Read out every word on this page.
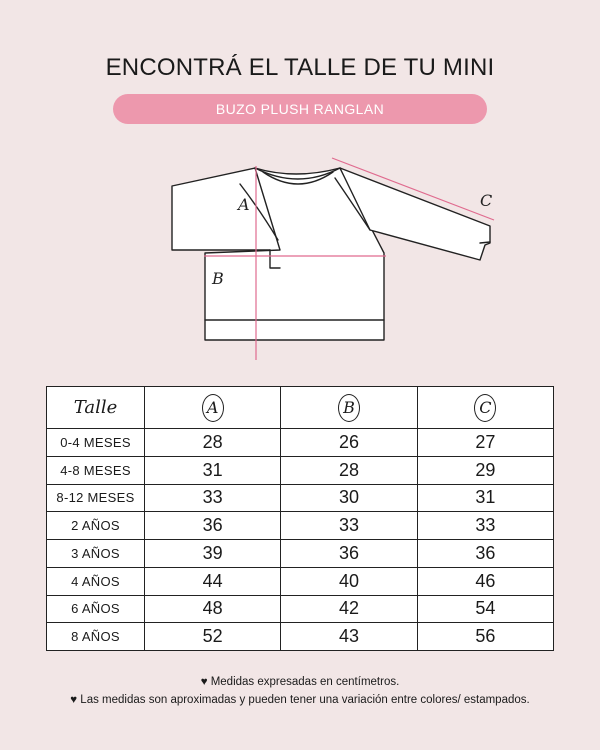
ENCONTRÁ EL TALLE DE TU MINI
BUZO PLUSH RANGLAN
A
B
C
Talle	A	B	C
0-4 MESES	28	26	27
4-8 MESES	31	28	29
8-12 MESES	33	30	31
2 AÑOS	36	33	33
3 AÑOS	39	36	36
4 AÑOS	44	40	46
6 AÑOS	48	42	54
8 AÑOS	52	43	56
♥ Medidas expresadas en centímetros.
♥ Las medidas son aproximadas y pueden tener una variación entre colores/ estampados.
